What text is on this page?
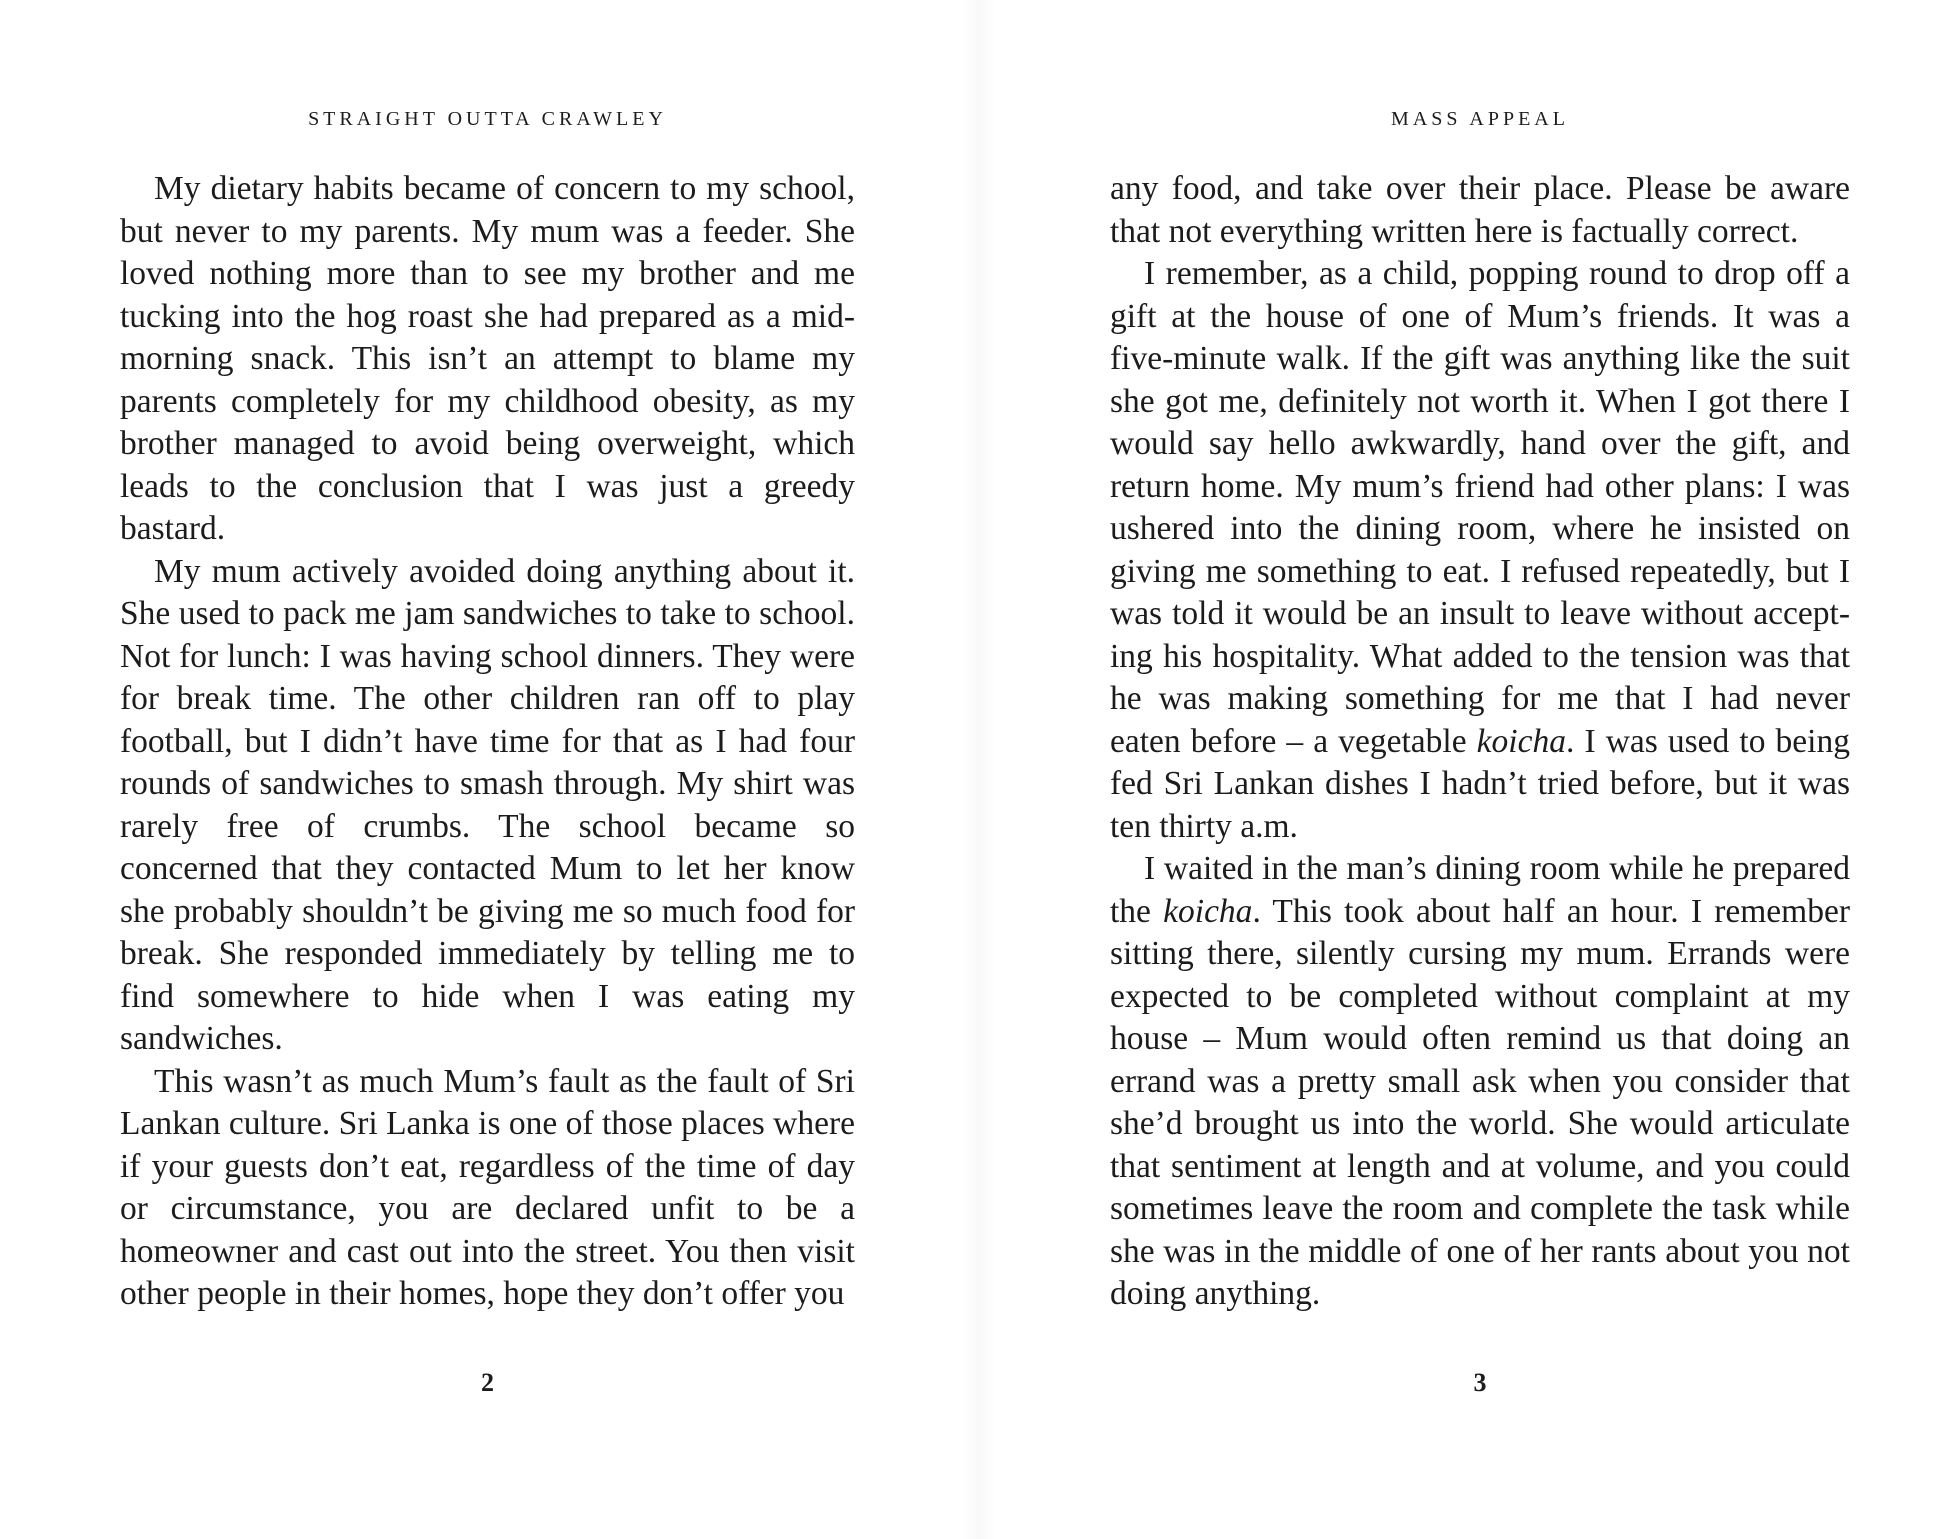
STRAIGHT OUTTA CRAWLEY

My dietary habits became of concern to my school, but never to my parents. My mum was a feeder. She loved nothing more than to see my brother and me tucking into the hog roast she had prepared as a mid-morning snack. This isn’t an attempt to blame my parents completely for my childhood obesity, as my brother managed to avoid being overweight, which leads to the conclusion that I was just a greedy bastard.

My mum actively avoided doing anything about it. She used to pack me jam sandwiches to take to school. Not for lunch: I was having school dinners. They were for break time. The other children ran off to play football, but I didn’t have time for that as I had four rounds of sandwiches to smash through. My shirt was rarely free of crumbs. The school became so concerned that they contacted Mum to let her know she probably shouldn’t be giving me so much food for break. She responded immediately by telling me to find somewhere to hide when I was eating my sandwiches.

This wasn’t as much Mum’s fault as the fault of Sri Lankan culture. Sri Lanka is one of those places where if your guests don’t eat, regardless of the time of day or circumstance, you are declared unfit to be a homeowner and cast out into the street. You then visit other people in their homes, hope they don’t offer you

2
MASS APPEAL

any food, and take over their place. Please be aware that not everything written here is factually correct.

I remember, as a child, popping round to drop off a gift at the house of one of Mum’s friends. It was a five-minute walk. If the gift was anything like the suit she got me, definitely not worth it. When I got there I would say hello awkwardly, hand over the gift, and return home. My mum’s friend had other plans: I was ushered into the dining room, where he insisted on giving me something to eat. I refused repeatedly, but I was told it would be an insult to leave without accepting his hospitality. What added to the tension was that he was making something for me that I had never eaten before – a vegetable koicha. I was used to being fed Sri Lankan dishes I hadn’t tried before, but it was ten thirty a.m.

I waited in the man’s dining room while he prepared the koicha. This took about half an hour. I remember sitting there, silently cursing my mum. Errands were expected to be completed without complaint at my house – Mum would often remind us that doing an errand was a pretty small ask when you consider that she’d brought us into the world. She would articulate that sentiment at length and at volume, and you could sometimes leave the room and complete the task while she was in the middle of one of her rants about you not doing anything.

3
